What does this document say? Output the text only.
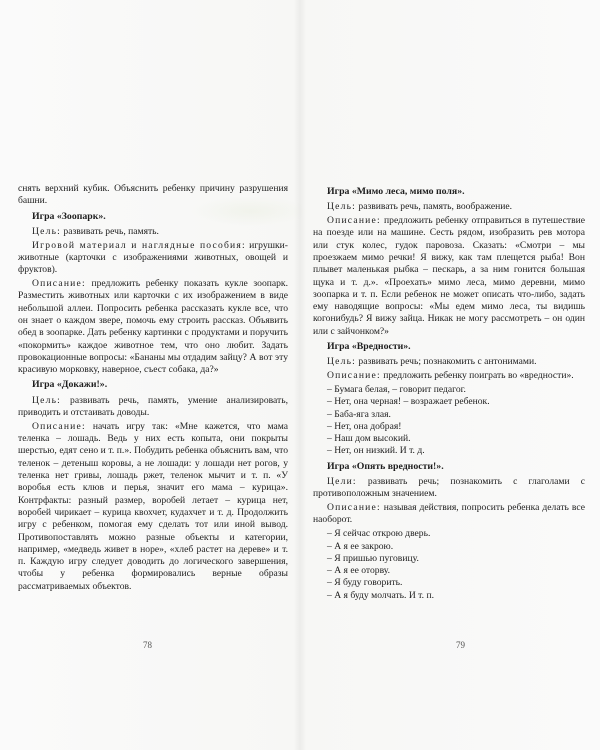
снять верхний кубик. Объяснить ребенку причину разрушения башни.

Игра «Зоопарк».

Цель: развивать речь, память.

Игровой материал и наглядные пособия: игрушки-животные (карточки с изображениями животных, овощей и фруктов).

Описание: предложить ребенку показать кукле зоопарк. Разместить животных или карточки с их изображением в виде небольшой аллеи. Попросить ребенка рассказать кукле все, что он знает о каждом звере, помочь ему строить рассказ. Объявить обед в зоопарке. Дать ребенку картинки с продуктами и поручить «покормить» каждое животное тем, что оно любит. Задать провокационные вопросы: «Бананы мы отдадим зайцу? А вот эту красивую морковку, наверное, съест собака, да?»

Игра «Докажи!».

Цель: развивать речь, память, умение анализировать, приводить и отстаивать доводы.

Описание: начать игру так: «Мне кажется, что мама теленка – лошадь. Ведь у них есть копыта, они покрыты шерстью, едят сено и т. п.». Побудить ребенка объяснить вам, что теленок – детеныш коровы, а не лошади: у лошади нет рогов, у теленка нет гривы, лошадь ржет, теленок мычит и т. п. «У воробья есть клюв и перья, значит его мама – курица». Контрфакты: разный размер, воробей летает – курица нет, воробей чирикает – курица квохчет, кудахчет и т. д. Продолжить игру с ребенком, помогая ему сделать тот или иной вывод. Противопоставлять можно разные объекты и категории, например, «медведь живет в норе», «хлеб растет на дереве» и т. п. Каждую игру следует доводить до логического завершения, чтобы у ребенка формировались верные образы рассматриваемых объектов.

78
Игра «Мимо леса, мимо поля».

Цель: развивать речь, память, воображение.

Описание: предложить ребенку отправиться в путешествие на поезде или на машине. Сесть рядом, изобразить рев мотора или стук колес, гудок паровоза. Сказать: «Смотри – мы проезжаем мимо речки! Я вижу, как там плещется рыба! Вон плывет маленькая рыбка – пескарь, а за ним гонится большая щука и т. д.». «Проехать» мимо леса, мимо деревни, мимо зоопарка и т. п. Если ребенок не может описать что-либо, задать ему наводящие вопросы: «Мы едем мимо леса, ты видишь когонибудь? Я вижу зайца. Никак не могу рассмотреть – он один или с зайчонком?»

Игра «Вредности».

Цель: развивать речь; познакомить с антонимами.

Описание: предложить ребенку поиграть во «вредности».

– Бумага белая, – говорит педагог.

– Нет, она черная! – возражает ребенок.

– Баба-яга злая.

– Нет, она добрая!

– Наш дом высокий.

– Нет, он низкий. И т. д.

Игра «Опять вредности!».

Цели: развивать речь; познакомить с глаголами с противоположным значением.

Описание: называя действия, попросить ребенка делать все наоборот.

– Я сейчас открою дверь.

– А я ее закрою.

– Я пришью пуговицу.

– А я ее оторву.

– Я буду говорить.

– А я буду молчать. И т. п.

79
